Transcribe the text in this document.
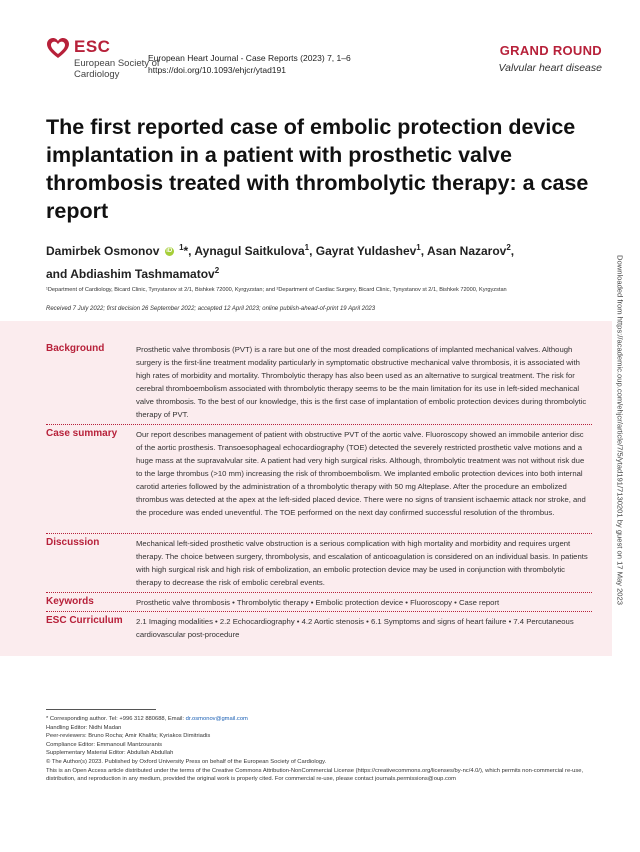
ESC
European Society of Cardiology
European Heart Journal - Case Reports (2023) 7, 1–6
https://doi.org/10.1093/ehjcr/ytad191
GRAND ROUND
Valvular heart disease
The first reported case of embolic protection device implantation in a patient with prosthetic valve thrombosis treated with thrombolytic therapy: a case report
Damirbek Osmonov iD $^1$*, Aynagul Saitkulova$^1$, Gayrat Yuldashev$^1$, Asan Nazarov$^2$,
and Abdiashim Tashmamatov$^2$
¹Department of Cardiology, Bicard Clinic, Tynystanov st 2/1, Bishkek 72000, Kyrgyzstan; and ²Department of Cardiac Surgery, Bicard Clinic, Tynystanov st 2/1, Bishkek 72000, Kyrgyzstan
Received 7 July 2022; first decision 26 September 2022; accepted 12 April 2023; online publish-ahead-of-print 19 April 2023
Background	Prosthetic valve thrombosis (PVT) is a rare but one of the most dreaded complications of implanted mechanical valves. Although surgery is the first-line treatment modality particularly in symptomatic obstructive mechanical valve thrombosis, it is associated with high rates of morbidity and mortality. Thrombolytic therapy has also been used as an alternative to surgical treatment. The risk for cerebral thromboembolism associated with thrombolytic therapy seems to be the main limitation for its use in left-sided mechanical valve thrombosis. To the best of our knowledge, this is the first case of implantation of embolic protection devices during thrombolytic therapy of PVT.
Case summary Our report describes management of patient with obstructive PVT of the aortic valve. Fluoroscopy showed an immobile anterior disc of the aortic prosthesis. Transoesophageal echocardiography (TOE) detected the severely restricted prosthetic valve motions and a huge mass at the supravalvular site. A patient had very high surgical risks. Although, thrombolytic treatment was not without risk due to the large thrombus (>10 mm) increasing the risk of thromboembolism. We implanted embolic protection devices into both internal carotid arteries followed by the administration of a thrombolytic therapy with 50 mg Alteplase. After the procedure an embolized thrombus was detected at the apex at the left-sided placed device. There were no signs of transient ischaemic attack nor stroke, and the procedure was ended uneventful. The TOE performed on the next day confirmed successful resolution of the thrombus.
Discussion	Mechanical left-sided prosthetic valve obstruction is a serious complication with high mortality and morbidity and requires urgent therapy. The choice between surgery, thrombolysis, and escalation of anticoagulation is considered on an individual basis. In patients with high surgical risk and high risk of embolization, an embolic protection device may be used in conjunction with thrombolytic therapy to decrease the risk of embolic cerebral events.
Keywords	Prosthetic valve thrombosis • Thrombolytic therapy • Embolic protection device • Fluoroscopy • Case report
ESC Curriculum 2.1 Imaging modalities • 2.2 Echocardiography • 4.2 Aortic stenosis • 6.1 Symptoms and signs of heart failure • 7.4 Percutaneous cardiovascular post-procedure
Downloaded from https://academic.oup.com/ehjcr/article/7/5/ytad191/7130201 by guest on 17 May 2023
* Corresponding author. Tel: +996 312 880688, Email: dr.osmonov@gmail.com
Handling Editor: Nidhi Madan
Peer-reviewers: Bruno Rocha; Amir Khalifa; Kyriakos Dimitriadis
Compliance Editor: Emmanouil Mantzouranis
Supplementary Material Editor: Abdullah Abdullah
© The Author(s) 2023. Published by Oxford University Press on behalf of the European Society of Cardiology.
This is an Open Access article distributed under the terms of the Creative Commons Attribution-NonCommercial License (https://creativecommons.org/licenses/by-nc/4.0/), which permits non-commercial re-use, distribution, and reproduction in any medium, provided the original work is properly cited. For commercial re-use, please contact journals.permissions@oup.com
